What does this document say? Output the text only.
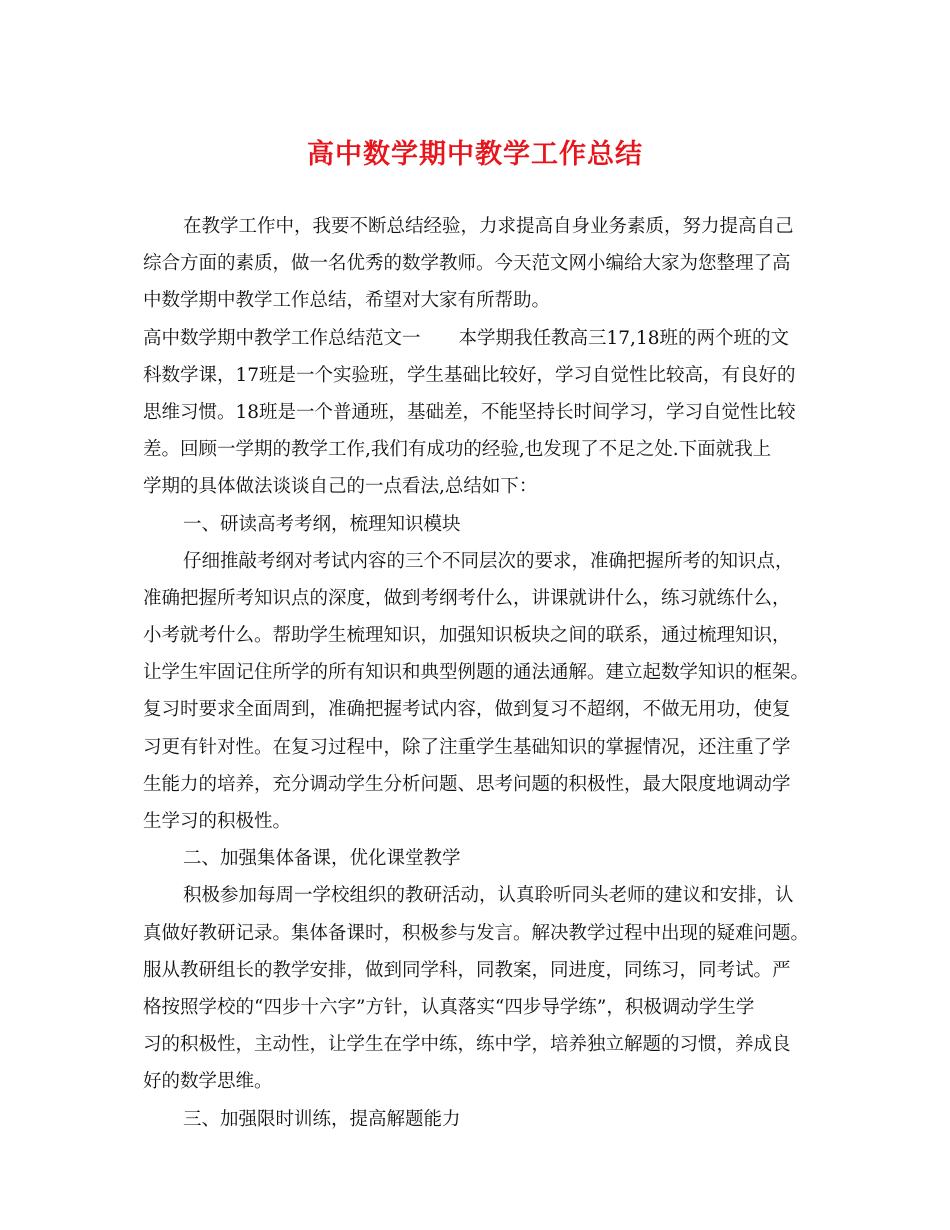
高中数学期中教学工作总结
在教学工作中，我要不断总结经验，力求提高自身业务素质，努力提高自己
综合方面的素质，做一名优秀的数学教师。今天范文网小编给大家为您整理了高
中数学期中教学工作总结，希望对大家有所帮助。
高中数学期中教学工作总结范文一 本学期我任教高三17,18班的两个班的文
科数学课，17班是一个实验班，学生基础比较好，学习自觉性比较高，有良好的
思维习惯。18班是一个普通班，基础差，不能坚持长时间学习，学习自觉性比较
差。回顾一学期的教学工作,我们有成功的经验,也发现了不足之处.下面就我上
学期的具体做法谈谈自己的一点看法,总结如下：
一、研读高考考纲，梳理知识模块
仔细推敲考纲对考试内容的三个不同层次的要求，准确把握所考的知识点，
准确把握所考知识点的深度，做到考纲考什么，讲课就讲什么，练习就练什么，
小考就考什么。帮助学生梳理知识，加强知识板块之间的联系，通过梳理知识，
让学生牢固记住所学的所有知识和典型例题的通法通解。建立起数学知识的框架。
复习时要求全面周到，准确把握考试内容，做到复习不超纲，不做无用功，使复
习更有针对性。在复习过程中，除了注重学生基础知识的掌握情况，还注重了学
生能力的培养，充分调动学生分析问题、思考问题的积极性，最大限度地调动学
生学习的积极性。
二、加强集体备课，优化课堂教学
积极参加每周一学校组织的教研活动，认真聆听同头老师的建议和安排，认
真做好教研记录。集体备课时，积极参与发言。解决教学过程中出现的疑难问题。
服从教研组长的教学安排，做到同学科，同教案，同进度，同练习，同考试。严
格按照学校的“四步十六字”方针，认真落实“四步导学练”，积极调动学生学
习的积极性，主动性，让学生在学中练，练中学，培养独立解题的习惯，养成良
好的数学思维。
三、加强限时训练，提高解题能力
